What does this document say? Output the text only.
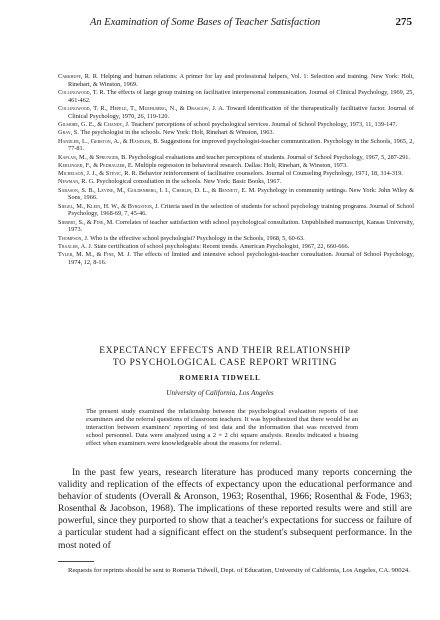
An Examination of Some Bases of Teacher Satisfaction	275

Carkhuff, R. R. Helping and human relations: A primer for lay and professional helpers, Vol. 1: Selection and training. New York: Holt, Rinehart, & Winston, 1969.

Collingwood, T. R. The effects of large group training on facilitative interpersonal communication. Journal of Clinical Psychology, 1969, 25, 461-462.

Collingwood, T. R., Hefele, T., Muehlberg, N., & Drasgow, J. A. Toward identification of the therapeutically facilitative factor. Journal of Clinical Psychology, 1970, 26, 119-120.

Gilmore, G. E., & Chandy, J. Teachers' perceptions of school psychological services. Journal of School Psychology, 1973, 11, 139-147.

Gray, S. The psychologist in the schools. New York: Holt, Rinehart & Winston, 1963.

Handler, L., Gerston, A., & Handler, B. Suggestions for improved psychologist-teacher communication. Psychology in the Schools, 1965, 2, 77-81.

Kaplan, M., & Sprunger, B. Psychological evaluations and teacher perceptions of students. Journal of School Psychology, 1967, 5, 287-291.

Kerlinger, F., & Pedhauzer, E. Multiple regression in behavioral research. Dallas: Holt, Rinehart, & Winston, 1973.

Michelson, J. J., & Stevic, R. R. Behavior reinforcement of facilitative counselors. Journal of Counseling Psychology, 1971, 18, 314-319.

Newman, R. G. Psychological consultation in the schools. New York: Basic Books, 1967.

Sarason, S. B., Levine, M., Goldenberg, I. I., Cherlin, D. L., & Bennett, E. M. Psychology in community settings. New York: John Wiley & Sons, 1966.

Siegel, M., Klein, H. W., & Byrgstein, J. Criteria used in the selection of students for school psychology training programs. Journal of School Psychology, 1968-69, 7, 45-46.

Siebert, S., & Fine, M. Correlates of teacher satisfaction with school psychological consultation. Unpublished manuscript, Kansas University, 1973.

Thompson, J. Who is the effective school psychologist? Psychology in the Schools, 1968, 5, 60-63.

Traxler, A. J. State certification of school psychologists: Recent trends. American Psychologist, 1967, 22, 660-666.

Tyler, M. M., & Fine, M. J. The effects of limited and intensive school psychologist-teacher consultation. Journal of School Psychology, 1974, 12, 8-16.

EXPECTANCY EFFECTS AND THEIR RELATIONSHIP
TO PSYCHOLOGICAL CASE REPORT WRITING
ROMERIA TIDWELL
University of California, Los Angeles
The present study examined the relationship between the psychological evaluation reports of test examiners and the referral questions of classroom teachers. It was hypothesized that there would be an interaction between examiners' reporting of test data and the information that was received from school personnel. Data were analyzed using a 2 × 2 chi square analysis. Results indicated a biasing effect when examiners were knowledgeable about the reasons for referral.

In the past few years, research literature has produced many reports concerning the validity and replication of the effects of expectancy upon the educational performance and behavior of students (Overall & Aronson, 1963; Rosenthal, 1966; Rosenthal & Fode, 1963; Rosenthal & Jacobson, 1968). The implications of these reported results were and still are powerful, since they purported to show that a teacher's expectations for success or failure of a particular student had a significant effect on the student's subsequent performance. In the most noted of

Requests for reprints should be sent to Romeria Tidwell, Dept. of Education, University of California, Los Angeles, CA. 90024.
